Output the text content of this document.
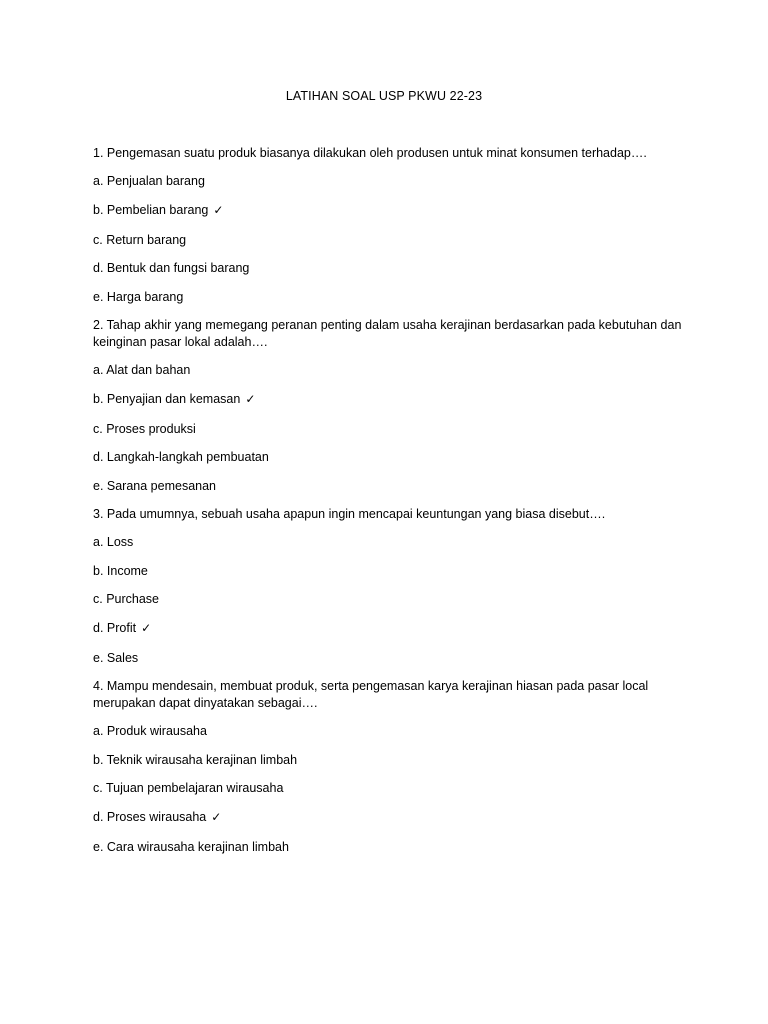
LATIHAN SOAL USP PKWU 22-23
1. Pengemasan suatu produk biasanya dilakukan oleh produsen untuk minat konsumen terhadap….
a. Penjualan barang
b. Pembelian barang ✓
c. Return barang
d. Bentuk dan fungsi barang
e. Harga barang
2. Tahap akhir yang memegang peranan penting dalam usaha kerajinan berdasarkan pada kebutuhan dan keinginan pasar lokal adalah….
a. Alat dan bahan
b. Penyajian dan kemasan ✓
c. Proses produksi
d. Langkah-langkah pembuatan
e. Sarana pemesanan
3. Pada umumnya, sebuah usaha apapun ingin mencapai keuntungan yang biasa disebut….
a. Loss
b. Income
c. Purchase
d. Profit ✓
e. Sales
4. Mampu mendesain, membuat produk, serta pengemasan karya kerajinan hiasan pada pasar local merupakan dapat dinyatakan sebagai….
a. Produk wirausaha
b. Teknik wirausaha kerajinan limbah
c. Tujuan pembelajaran wirausaha
d. Proses wirausaha ✓
e. Cara wirausaha kerajinan limbah
